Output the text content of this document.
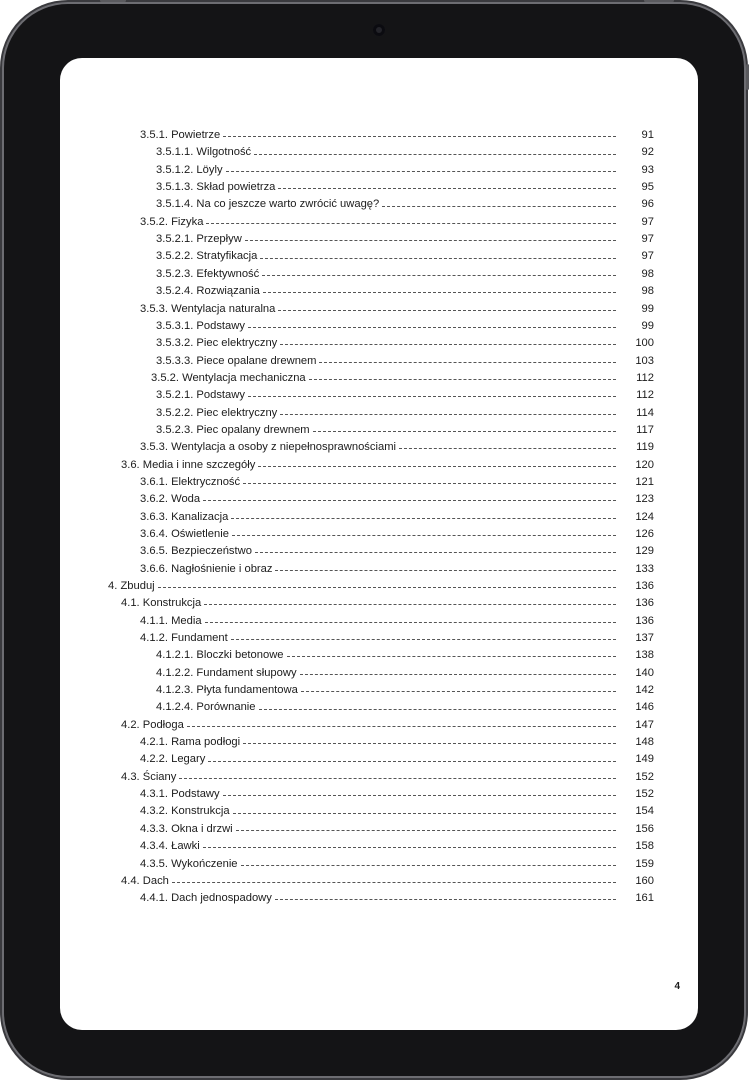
3.5.1. Powietrze	91
3.5.1.1. Wilgotność	92
3.5.1.2. Löyly	93
3.5.1.3. Skład powietrza	95
3.5.1.4. Na co jeszcze warto zwrócić uwagę?	96
3.5.2. Fizyka	97
3.5.2.1. Przepływ	97
3.5.2.2. Stratyfikacja	97
3.5.2.3. Efektywność	98
3.5.2.4. Rozwiązania	98
3.5.3. Wentylacja naturalna	99
3.5.3.1. Podstawy	99
3.5.3.2. Piec elektryczny	100
3.5.3.3. Piece opalane drewnem	103
3.5.2. Wentylacja mechaniczna	112
3.5.2.1. Podstawy	112
3.5.2.2. Piec elektryczny	114
3.5.2.3. Piec opalany drewnem	117
3.5.3. Wentylacja a osoby z niepełnosprawnościami	119
3.6. Media i inne szczegóły	120
3.6.1. Elektryczność	121
3.6.2. Woda	123
3.6.3. Kanalizacja	124
3.6.4. Oświetlenie	126
3.6.5. Bezpieczeństwo	129
3.6.6. Nagłośnienie i obraz	133
4. Zbuduj	136
4.1. Konstrukcja	136
4.1.1. Media	136
4.1.2. Fundament	137
4.1.2.1. Bloczki betonowe	138
4.1.2.2. Fundament słupowy	140
4.1.2.3. Płyta fundamentowa	142
4.1.2.4. Porównanie	146
4.2. Podłoga	147
4.2.1. Rama podłogi	148
4.2.2. Legary	149
4.3. Ściany	152
4.3.1. Podstawy	152
4.3.2. Konstrukcja	154
4.3.3. Okna i drzwi	156
4.3.4. Ławki	158
4.3.5. Wykończenie	159
4.4. Dach	160
4.4.1. Dach jednospadowy	161
4
